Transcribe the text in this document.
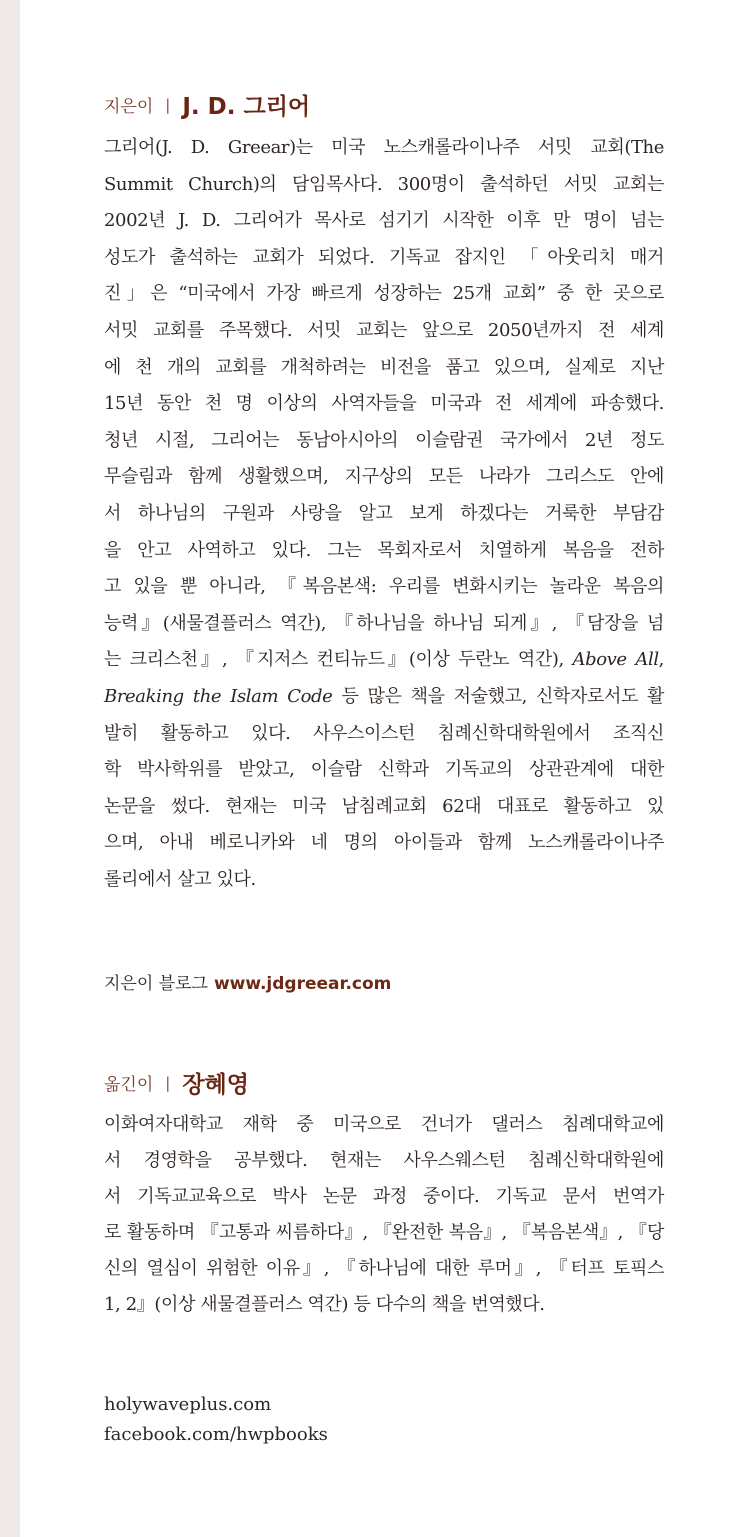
지은이 | J. D. 그리어
그리어(J. D. Greear)는 미국 노스캐롤라이나주 서밋 교회(The
Summit Church)의 담임목사다. 300명이 출석하던 서밋 교회는
2002년 J. D. 그리어가 목사로 섬기기 시작한 이후 만 명이 넘는
성도가 출석하는 교회가 되었다. 기독교 잡지인 「아웃리치 매거
진」은 “미국에서 가장 빠르게 성장하는 25개 교회” 중 한 곳으로
서밋 교회를 주목했다. 서밋 교회는 앞으로 2050년까지 전 세계
에 천 개의 교회를 개척하려는 비전을 품고 있으며, 실제로 지난
15년 동안 천 명 이상의 사역자들을 미국과 전 세계에 파송했다.
청년 시절, 그리어는 동남아시아의 이슬람권 국가에서 2년 정도
무슬림과 함께 생활했으며, 지구상의 모든 나라가 그리스도 안에
서 하나님의 구원과 사랑을 알고 보게 하겠다는 거룩한 부담감
을 안고 사역하고 있다. 그는 목회자로서 치열하게 복음을 전하
고 있을 뿐 아니라, 『복음본색: 우리를 변화시키는 놀라운 복음의
능력』(새물결플러스 역간), 『하나님을 하나님 되게』, 『담장을 넘
는 크리스천』, 『지저스 컨티뉴드』(이상 두란노 역간), Above All,
Breaking the Islam Code 등 많은 책을 저술했고, 신학자로서도 활
발히 활동하고 있다. 사우스이스턴 침례신학대학원에서 조직신
학 박사학위를 받았고, 이슬람 신학과 기독교의 상관관계에 대한
논문을 썼다. 현재는 미국 남침례교회 62대 대표로 활동하고 있
으며, 아내 베로니카와 네 명의 아이들과 함께 노스캐롤라이나주
롤리에서 살고 있다.
지은이 블로그 www.jdgreear.com
옮긴이 | 장혜영
이화여자대학교 재학 중 미국으로 건너가 댈러스 침례대학교에
서 경영학을 공부했다. 현재는 사우스웨스턴 침례신학대학원에
서 기독교교육으로 박사 논문 과정 중이다. 기독교 문서 번역가
로 활동하며 『고통과 씨름하다』, 『완전한 복음』, 『복음본색』, 『당
신의 열심이 위험한 이유』, 『하나님에 대한 루머』, 『터프 토픽스
1, 2』(이상 새물결플러스 역간) 등 다수의 책을 번역했다.
holywaveplus.com
facebook.com/hwpbooks
